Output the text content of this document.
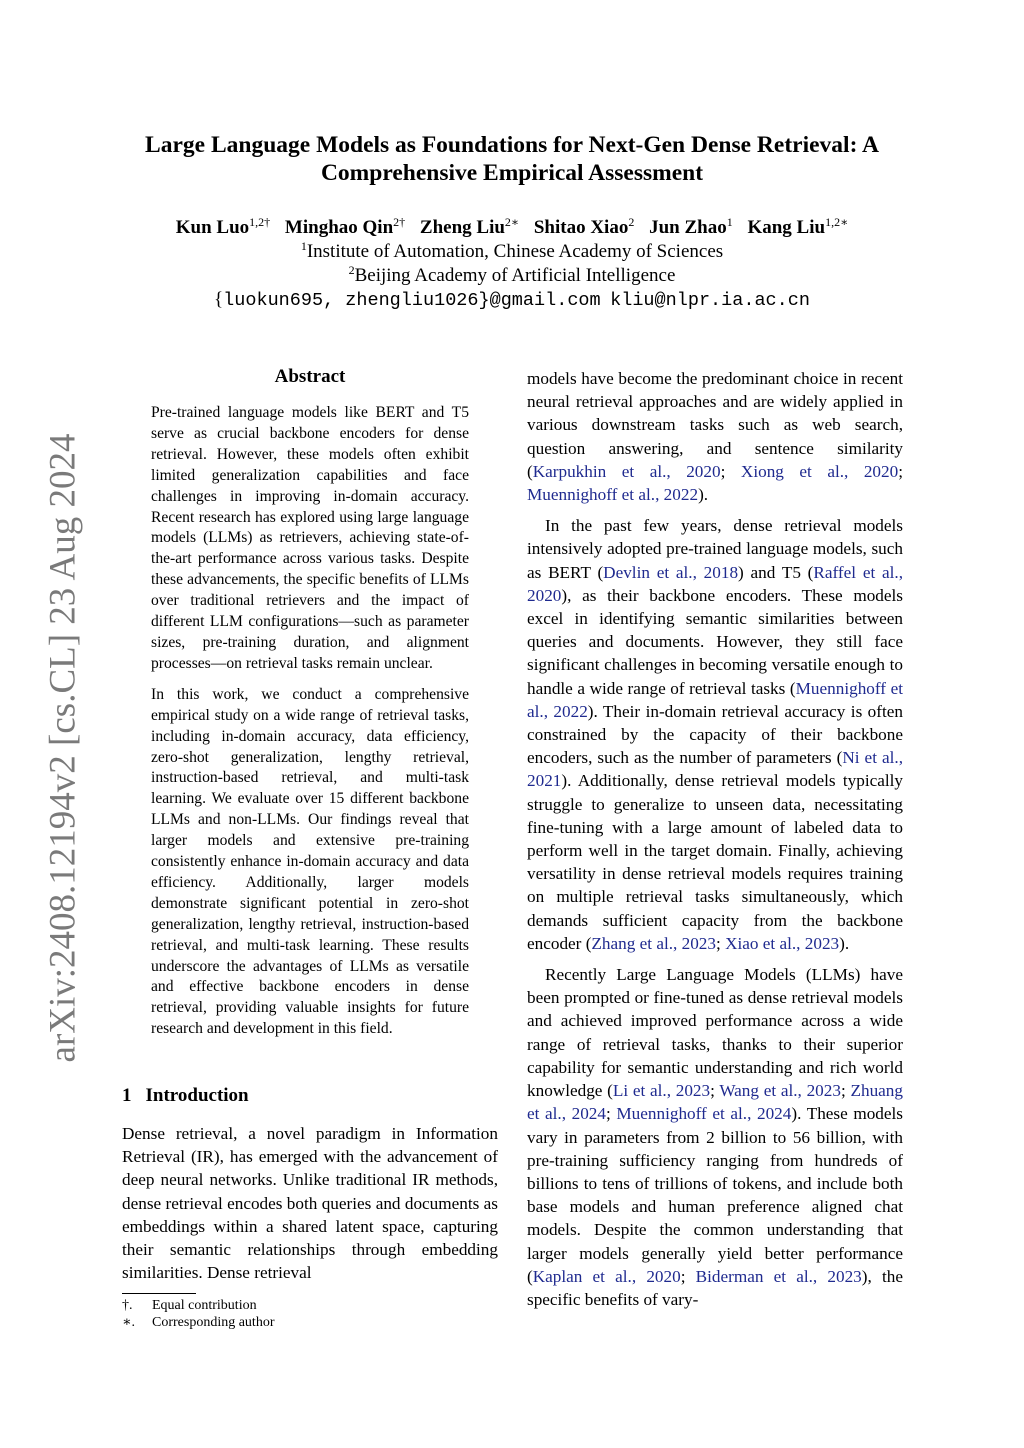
arXiv:2408.12194v2 [cs.CL] 23 Aug 2024
Large Language Models as Foundations for Next-Gen Dense Retrieval: A
Comprehensive Empirical Assessment
Kun Luo$^{1,2\dagger}$ Minghao Qin$^{2\dagger}$ Zheng Liu$^{2∗}$ Shitao Xiao$^2$ Jun Zhao$^1$ Kang Liu$^{1,2∗}$
$^1$Institute of Automation, Chinese Academy of Sciences
$^2$Beijing Academy of Artificial Intelligence
{luokun695, zhengliu1026}@gmail.com kliu@nlpr.ia.ac.cn
Abstract

Pre-trained language models like BERT and T5 serve as crucial backbone encoders for dense retrieval. However, these models often exhibit limited generalization capabilities and face challenges in improving in-domain accuracy. Recent research has explored using large language models (LLMs) as retrievers, achieving state-of-the-art performance across various tasks. Despite these advancements, the specific benefits of LLMs over traditional retrievers and the impact of different LLM configurations—such as parameter sizes, pre-training duration, and alignment processes—on retrieval tasks remain unclear.

In this work, we conduct a comprehensive empirical study on a wide range of retrieval tasks, including in-domain accuracy, data efficiency, zero-shot generalization, lengthy retrieval, instruction-based retrieval, and multi-task learning. We evaluate over 15 different backbone LLMs and non-LLMs. Our findings reveal that larger models and extensive pre-training consistently enhance in-domain accuracy and data efficiency. Additionally, larger models demonstrate significant potential in zero-shot generalization, lengthy retrieval, instruction-based retrieval, and multi-task learning. These results underscore the advantages of LLMs as versatile and effective backbone encoders in dense retrieval, providing valuable insights for future research and development in this field.

1 Introduction

Dense retrieval, a novel paradigm in Information Retrieval (IR), has emerged with the advancement of deep neural networks. Unlike traditional IR methods, dense retrieval encodes both queries and documents as embeddings within a shared latent space, capturing their semantic relationships through embedding similarities. Dense retrieval

†. Equal contribution
∗. Corresponding author

models have become the predominant choice in recent neural retrieval approaches and are widely applied in various downstream tasks such as web search, question answering, and sentence similarity (Karpukhin et al., 2020; Xiong et al., 2020; Muennighoff et al., 2022).

In the past few years, dense retrieval models intensively adopted pre-trained language models, such as BERT (Devlin et al., 2018) and T5 (Raffel et al., 2020), as their backbone encoders. These models excel in identifying semantic similarities between queries and documents. However, they still face significant challenges in becoming versatile enough to handle a wide range of retrieval tasks (Muennighoff et al., 2022). Their in-domain retrieval accuracy is often constrained by the capacity of their backbone encoders, such as the number of parameters (Ni et al., 2021). Additionally, dense retrieval models typically struggle to generalize to unseen data, necessitating fine-tuning with a large amount of labeled data to perform well in the target domain. Finally, achieving versatility in dense retrieval models requires training on multiple retrieval tasks simultaneously, which demands sufficient capacity from the backbone encoder (Zhang et al., 2023; Xiao et al., 2023).

Recently Large Language Models (LLMs) have been prompted or fine-tuned as dense retrieval models and achieved improved performance across a wide range of retrieval tasks, thanks to their superior capability for semantic understanding and rich world knowledge (Li et al., 2023; Wang et al., 2023; Zhuang et al., 2024; Muennighoff et al., 2024). These models vary in parameters from 2 billion to 56 billion, with pre-training sufficiency ranging from hundreds of billions to tens of trillions of tokens, and include both base models and human preference aligned chat models. Despite the common understanding that larger models generally yield better performance (Kaplan et al., 2020; Biderman et al., 2023), the specific benefits of vary-
